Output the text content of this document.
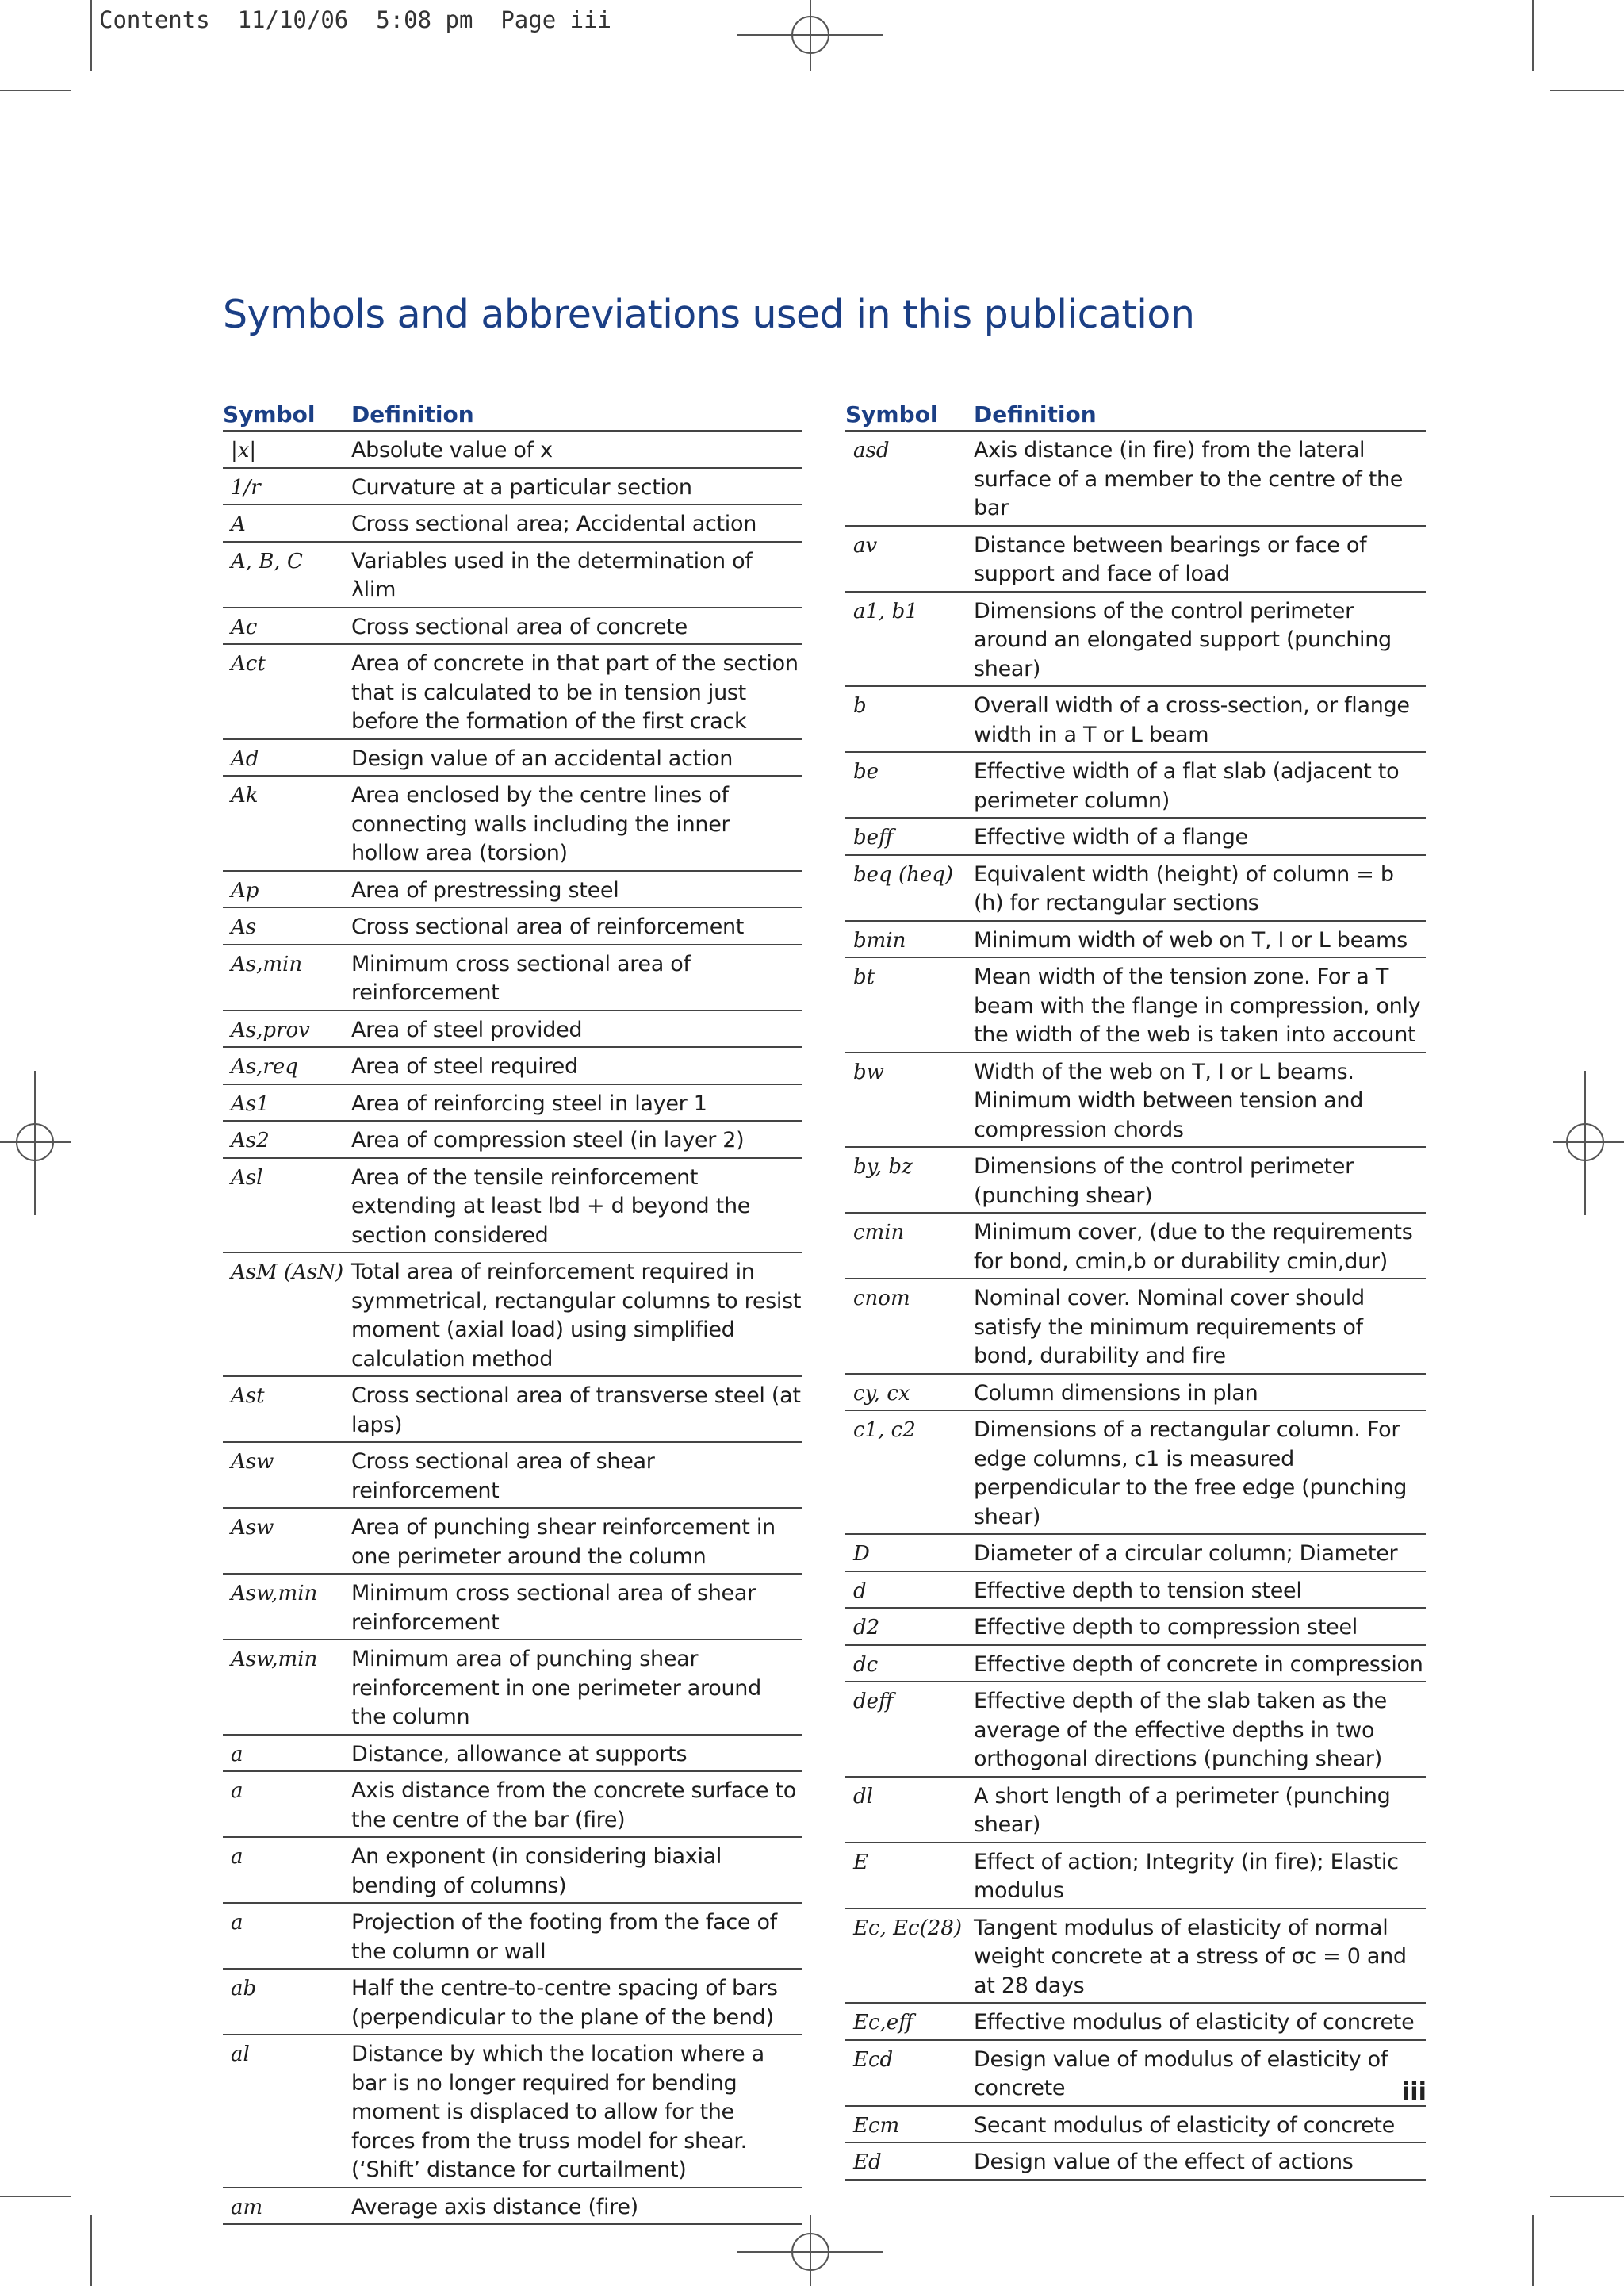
Contents  11/10/06  5:08 pm  Page iii
Symbols and abbreviations used in this publication
Symbol	Definition
|x|	Absolute value of x
1/r	Curvature at a particular section
A	Cross sectional area; Accidental action
A, B, C	Variables used in the determination of λlim
Ac	Cross sectional area of concrete
Act	Area of concrete in that part of the section that is calculated to be in tension just before the formation of the first crack
Ad	Design value of an accidental action
Ak	Area enclosed by the centre lines of connecting walls including the inner hollow area (torsion)
Ap	Area of prestressing steel
As	Cross sectional area of reinforcement
As,min	Minimum cross sectional area of reinforcement
As,prov	Area of steel provided
As,req	Area of steel required
As1	Area of reinforcing steel in layer 1
As2	Area of compression steel (in layer 2)
Asl	Area of the tensile reinforcement extending at least lbd + d beyond the section considered
AsM (AsN) Total area of reinforcement required in symmetrical, rectangular columns to resist moment (axial load) using simplified calculation method
Ast	Cross sectional area of transverse steel (at laps)
Asw	Cross sectional area of shear reinforcement
Asw	Area of punching shear reinforcement in one perimeter around the column
Asw,min	Minimum cross sectional area of shear reinforcement
Asw,min	Minimum area of punching shear reinforcement in one perimeter around the column
a	Distance, allowance at supports
a	Axis distance from the concrete surface to the centre of the bar (fire)
a	An exponent (in considering biaxial bending of columns)
a	Projection of the footing from the face of the column or wall
ab	Half the centre-to-centre spacing of bars (perpendicular to the plane of the bend)
al	Distance by which the location where a bar is no longer required for bending moment is displaced to allow for the forces from the truss model for shear. (‘Shift’ distance for curtailment)
am	Average axis distance (fire)
Symbol	Definition
asd	Axis distance (in fire) from the lateral surface of a member to the centre of the bar
av	Distance between bearings or face of support and face of load
a1, b1	Dimensions of the control perimeter around an elongated support (punching shear)
b	Overall width of a cross-section, or flange width in a T or L beam
be	Effective width of a flat slab (adjacent to perimeter column)
beff	Effective width of a flange
beq (heq) Equivalent width (height) of column = b (h) for rectangular sections
bmin	Minimum width of web on T, I or L beams
bt	Mean width of the tension zone. For a T beam with the flange in compression, only the width of the web is taken into account
bw	Width of the web on T, I or L beams. Minimum width between tension and compression chords
by, bz	Dimensions of the control perimeter (punching shear)
cmin	Minimum cover, (due to the requirements for bond, cmin,b or durability cmin,dur)
cnom	Nominal cover. Nominal cover should satisfy the minimum requirements of bond, durability and fire
cy, cx	Column dimensions in plan
c1, c2	Dimensions of a rectangular column. For edge columns, c1 is measured perpendicular to the free edge (punching shear)
D	Diameter of a circular column; Diameter
d	Effective depth to tension steel
d2	Effective depth to compression steel
dc	Effective depth of concrete in compression
deff	Effective depth of the slab taken as the average of the effective depths in two orthogonal directions (punching shear)
dl	A short length of a perimeter (punching shear)
E	Effect of action; Integrity (in fire); Elastic modulus
Ec, Ec(28) Tangent modulus of elasticity of normal weight concrete at a stress of σc = 0 and at 28 days
Ec,eff	Effective modulus of elasticity of concrete
Ecd	Design value of modulus of elasticity of concrete
Ecm	Secant modulus of elasticity of concrete
Ed	Design value of the effect of actions
iii
